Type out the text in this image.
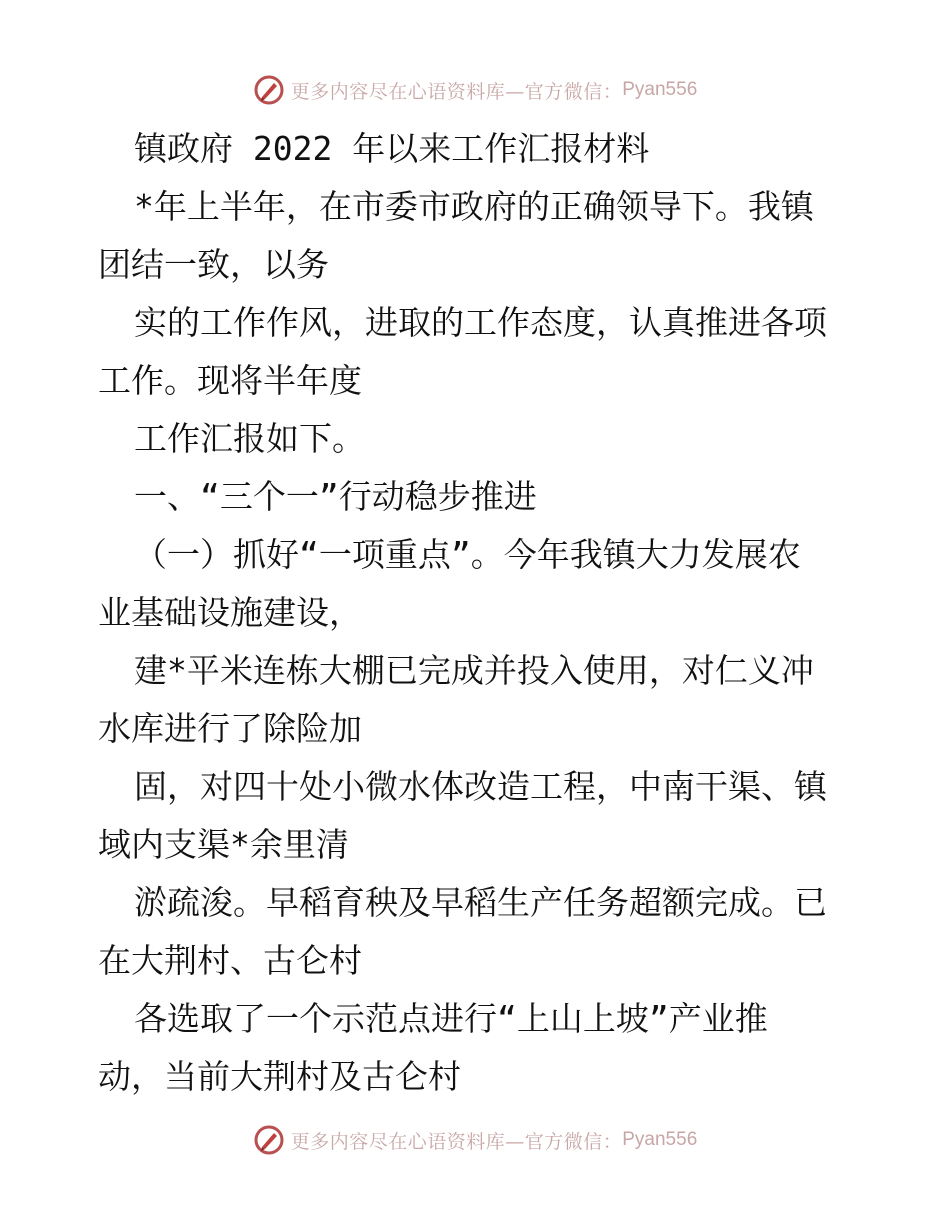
更多内容尽在心语资料库—官方微信： Pyan556
镇政府 2022 年以来工作汇报材料
*年上半年，在市委市政府的正确领导下。我镇
团结一致，以务
实的工作作风，进取的工作态度，认真推进各项
工作。现将半年度
工作汇报如下。
一、“三个一”行动稳步推进
（一）抓好“一项重点”。今年我镇大力发展农
业基础设施建设，
建*平米连栋大棚已完成并投入使用，对仁义冲
水库进行了除险加
固，对四十处小微水体改造工程，中南干渠、镇
域内支渠*余里清
淤疏浚。早稻育秧及早稻生产任务超额完成。已
在大荆村、古仑村
各选取了一个示范点进行“上山上坡”产业推
动，当前大荆村及古仑村
更多内容尽在心语资料库—官方微信： Pyan556
